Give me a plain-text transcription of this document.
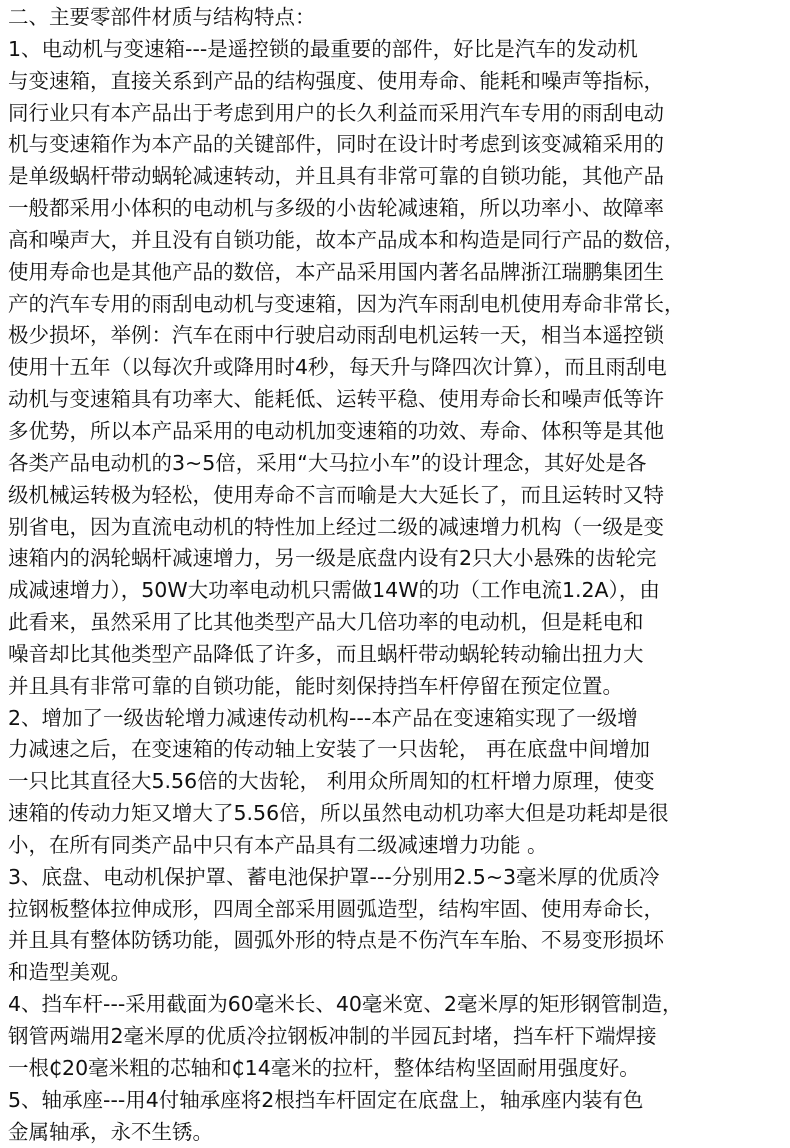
二、主要零部件材质与结构特点：
1、电动机与变速箱---是遥控锁的最重要的部件，好比是汽车的发动机
与变速箱，直接关系到产品的结构强度、使用寿命、能耗和噪声等指标，
同行业只有本产品出于考虑到用户的长久利益而采用汽车专用的雨刮电动
机与变速箱作为本产品的关键部件，同时在设计时考虑到该变减箱采用的
是单级蜗杆带动蜗轮减速转动，并且具有非常可靠的自锁功能，其他产品
一般都采用小体积的电动机与多级的小齿轮减速箱，所以功率小、故障率
高和噪声大，并且没有自锁功能，故本产品成本和构造是同行产品的数倍，
使用寿命也是其他产品的数倍，本产品采用国内著名品牌浙江瑞鹏集团生
产的汽车专用的雨刮电动机与变速箱，因为汽车雨刮电机使用寿命非常长，
极少损坏，举例：汽车在雨中行驶启动雨刮电机运转一天，相当本遥控锁
使用十五年（以每次升或降用时4秒，每天升与降四次计算），而且雨刮电
动机与变速箱具有功率大、能耗低、运转平稳、使用寿命长和噪声低等许
多优势，所以本产品采用的电动机加变速箱的功效、寿命、体积等是其他
各类产品电动机的3~5倍，采用“大马拉小车”的设计理念，其好处是各
级机械运转极为轻松，使用寿命不言而喻是大大延长了，而且运转时又特
别省电，因为直流电动机的特性加上经过二级的减速增力机构（一级是变
速箱内的涡轮蜗杆减速增力，另一级是底盘内设有2只大小悬殊的齿轮完
成减速增力），50W大功率电动机只需做14W的功（工作电流1.2A），由
此看来，虽然采用了比其他类型产品大几倍功率的电动机，但是耗电和
噪音却比其他类型产品降低了许多，而且蜗杆带动蜗轮转动输出扭力大
并且具有非常可靠的自锁功能，能时刻保持挡车杆停留在预定位置。
2、增加了一级齿轮增力减速传动机构---本产品在变速箱实现了一级增
力减速之后，在变速箱的传动轴上安装了一只齿轮， 再在底盘中间增加
一只比其直径大5.56倍的大齿轮， 利用众所周知的杠杆增力原理，使变
速箱的传动力矩又增大了5.56倍，所以虽然电动机功率大但是功耗却是很
小，在所有同类产品中只有本产品具有二级减速增力功能 。
3、底盘、电动机保护罩、蓄电池保护罩---分别用2.5~3毫米厚的优质冷
拉钢板整体拉伸成形，四周全部采用圆弧造型，结构牢固、使用寿命长，
并且具有整体防锈功能，圆弧外形的特点是不伤汽车车胎、不易变形损坏
和造型美观。
4、挡车杆---采用截面为60毫米长、40毫米宽、2毫米厚的矩形钢管制造，
钢管两端用2毫米厚的优质冷拉钢板冲制的半园瓦封堵，挡车杆下端焊接
一根₵20毫米粗的芯轴和₵14毫米的拉杆，整体结构坚固耐用强度好。
5、轴承座---用4付轴承座将2根挡车杆固定在底盘上，轴承座内装有色
金属轴承，永不生锈。
